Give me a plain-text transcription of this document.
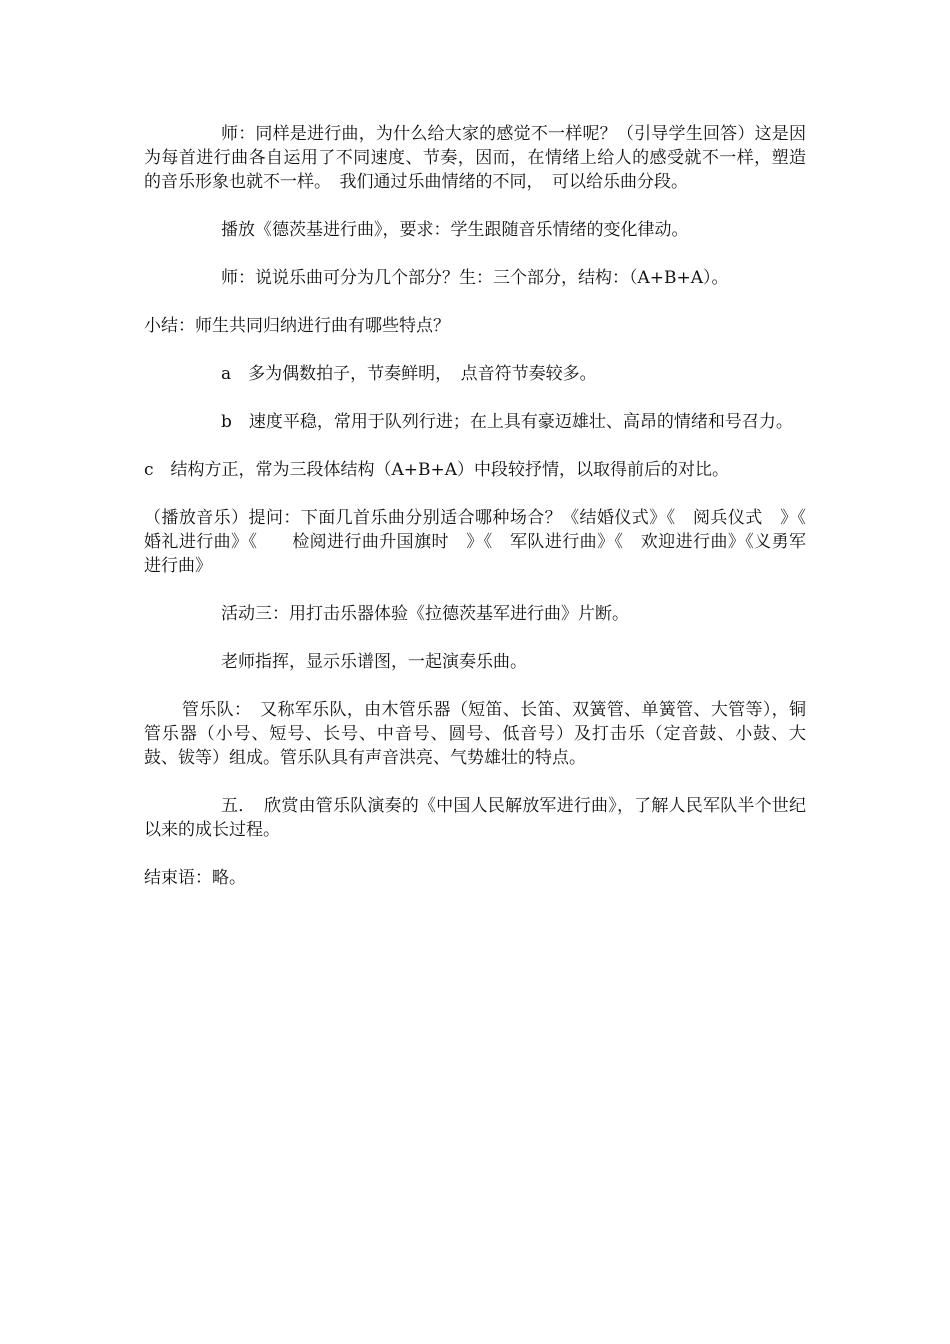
师：同样是进行曲，为什么给大家的感觉不一样呢？（引导学生回答）这是因为每首进行曲各自运用了不同速度、节奏，因而，在情绪上给人的感受就不一样，塑造的音乐形象也就不一样。　我们通过乐曲情绪的不同，　可以给乐曲分段。

播放《德茨基进行曲》，要求：学生跟随音乐情绪的变化律动。

师：说说乐曲可分为几个部分？生：三个部分，结构：（A+B+A）。

小结：师生共同归纳进行曲有哪些特点？

a　多为偶数拍子，节奏鲜明，　点音符节奏较多。

b　速度平稳，常用于队列行进；在上具有豪迈雄壮、高昂的情绪和号召力。

c　结构方正，常为三段体结构（A+B+A）中段较抒情，以取得前后的对比。

（播放音乐）提问：下面几首乐曲分别适合哪种场合？《结婚仪式》《　阅兵仪式　》《　婚礼进行曲》《　　检阅进行曲升国旗时　》《　军队进行曲》《　欢迎进行曲》《义勇军进行曲》

活动三：用打击乐器体验《拉德茨基军进行曲》片断。

老师指挥，显示乐谱图，一起演奏乐曲。

管乐队：　又称军乐队，由木管乐器（短笛、长笛、双簧管、单簧管、大管等），铜管乐器（小号、短号、长号、中音号、圆号、低音号）及打击乐（定音鼓、小鼓、大鼓、钹等）组成。管乐队具有声音洪亮、气势雄壮的特点。

五．　欣赏由管乐队演奏的《中国人民解放军进行曲》，了解人民军队半个世纪以来的成长过程。

结束语：略。
